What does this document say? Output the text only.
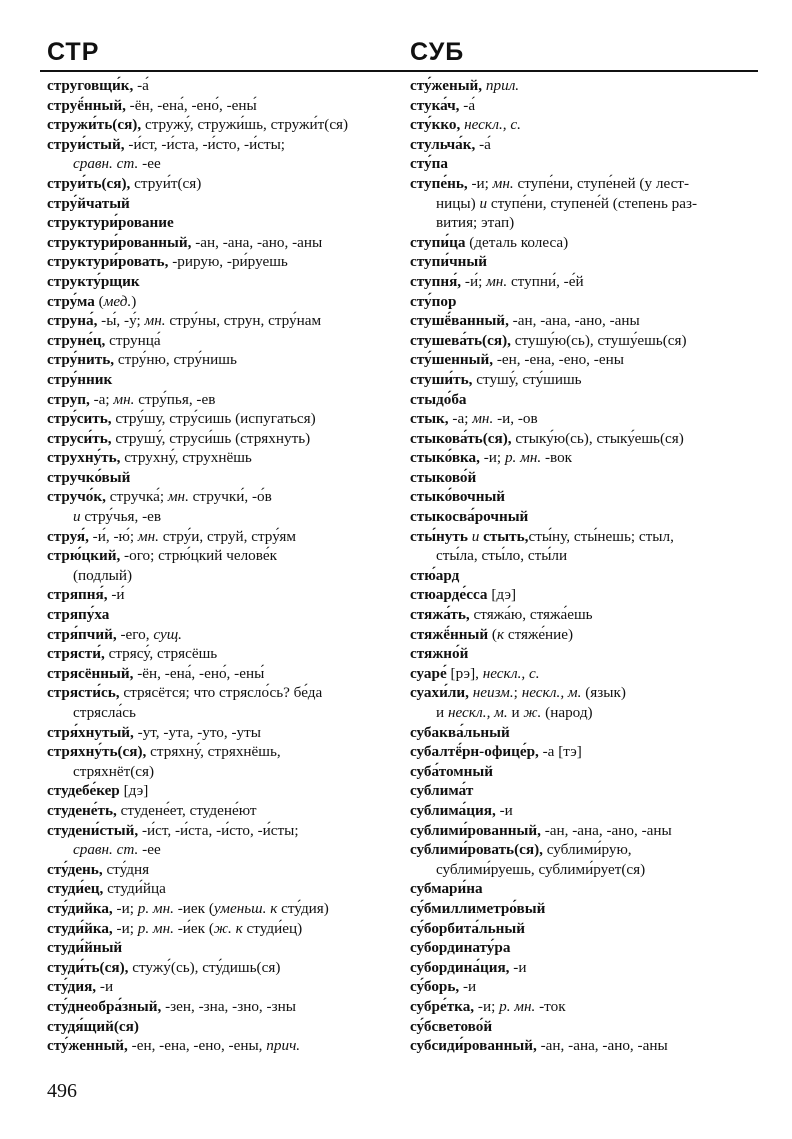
СТР	СУБ
струговщи́к, -а́
струё́нный, -ён, -ена́, -ено́, -ены́
стружи́ть(ся), стружу́, стружи́шь, стружи́т(ся)
струи́стый, -и́ст, -и́ста, -и́сто, -и́сты;
сравн. ст. -ее
струи́ть(ся), струи́т(ся)
стру́йчатый
структури́рование
структури́рованный, -ан, -ана, -ано, -аны
структури́ровать, -рирую, -ри́руешь
структу́рщик
стру́ма (мед.)
струна́, -ы́, -у́; мн. стру́ны, струн, стру́нам
струне́ц, струнца́
стру́нить, стру́ню, стру́нишь
стру́нник
струп, -а; мн. стру́пья, -ев
стру́сить, стру́шу, стру́сишь (испугаться)
струси́ть, струшу́, струси́шь (стряхнуть)
струхну́ть, струхну́, струхнёшь
стручко́вый
стручо́к, стручка́; мн. стручки́, -о́в
и стру́чья, -ев
струя́, -и́, -ю́; мн. стру́и, струй, стру́ям
стрю́цкий, -ого; стрю́цкий челове́к
(подлый)
стряпня́, -и́
стряпу́ха
стря́пчий, -его, сущ.
стрясти́, стрясу́, стрясёшь
стрясённый, -ён, -ена́, -ено́, -ены́
стрясти́сь, стрясётся; что стрясло́сь? бе́да
стрясла́сь
стря́хнутый, -ут, -ута, -уто, -уты
стряхну́ть(ся), стряхну́, стряхнёшь,
стряхнёт(ся)
студебе́кер [дэ]
студене́ть, студене́ет, студене́ют
студени́стый, -и́ст, -и́ста, -и́сто, -и́сты;
сравн. ст. -ее
сту́день, сту́дня
студи́ец, студи́йца
сту́дийка, -и; р. мн. -иек (уменьш. к сту́дия)
студи́йка, -и; р. мн. -и́ек (ж. к студи́ец)
студи́йный
студи́ть(ся), стужу́(сь), сту́дишь(ся)
сту́дия, -и
сту́днеобра́зный, -зен, -зна, -зно, -зны
студя́щий(ся)
сту́женный, -ен, -ена, -ено, -ены, прич.
сту́женый, прил.
стука́ч, -а́
сту́кко, нескл., с.
стульча́к, -а́
сту́па
ступе́нь, -и; мн. ступе́ни, ступе́ней (у лест-
ницы) и ступе́ни, ступене́й (степень раз-
вития; этап)
ступи́ца (деталь колеса)
ступи́чный
ступня́, -и́; мн. ступни́, -е́й
сту́пор
стушё́ванный, -ан, -ана, -ано, -аны
стушева́ть(ся), стушу́ю(сь), стушу́ешь(ся)
сту́шенный, -ен, -ена, -ено, -ены
стуши́ть, стушу́, сту́шишь
стыдо́ба
стык, -а; мн. -и, -ов
стыкова́ть(ся), стыку́ю(сь), стыку́ешь(ся)
стыко́вка, -и; р. мн. -вок
стыково́й
стыко́вочный
стыкосва́рочный
сты́нуть и стыть,сты́ну, сты́нешь; стыл,
сты́ла, сты́ло, сты́ли
стю́ард
стюарде́сса [дэ]
стяжа́ть, стяжа́ю, стяжа́ешь
стяжё́нный (к стяже́ние)
стяжно́й
суаре́ [рэ], нескл., с.
суахи́ли, неизм.; нескл., м. (язык)
и нескл., м. и ж. (народ)
субаква́льный
субалтё́рн-офице́р, -а [тэ]
суба́томный
сублима́т
сублима́ция, -и
сублими́рованный, -ан, -ана, -ано, -аны
сублими́ровать(ся), сублими́рую,
сублими́руешь, сублими́рует(ся)
субмари́на
су́бмиллиметро́вый
су́борбита́льный
субординату́ра
субордина́ция, -и
су́борь, -и
субре́тка, -и; р. мн. -ток
су́бсветово́й
субсиди́рованный, -ан, -ана, -ано, -аны
496
